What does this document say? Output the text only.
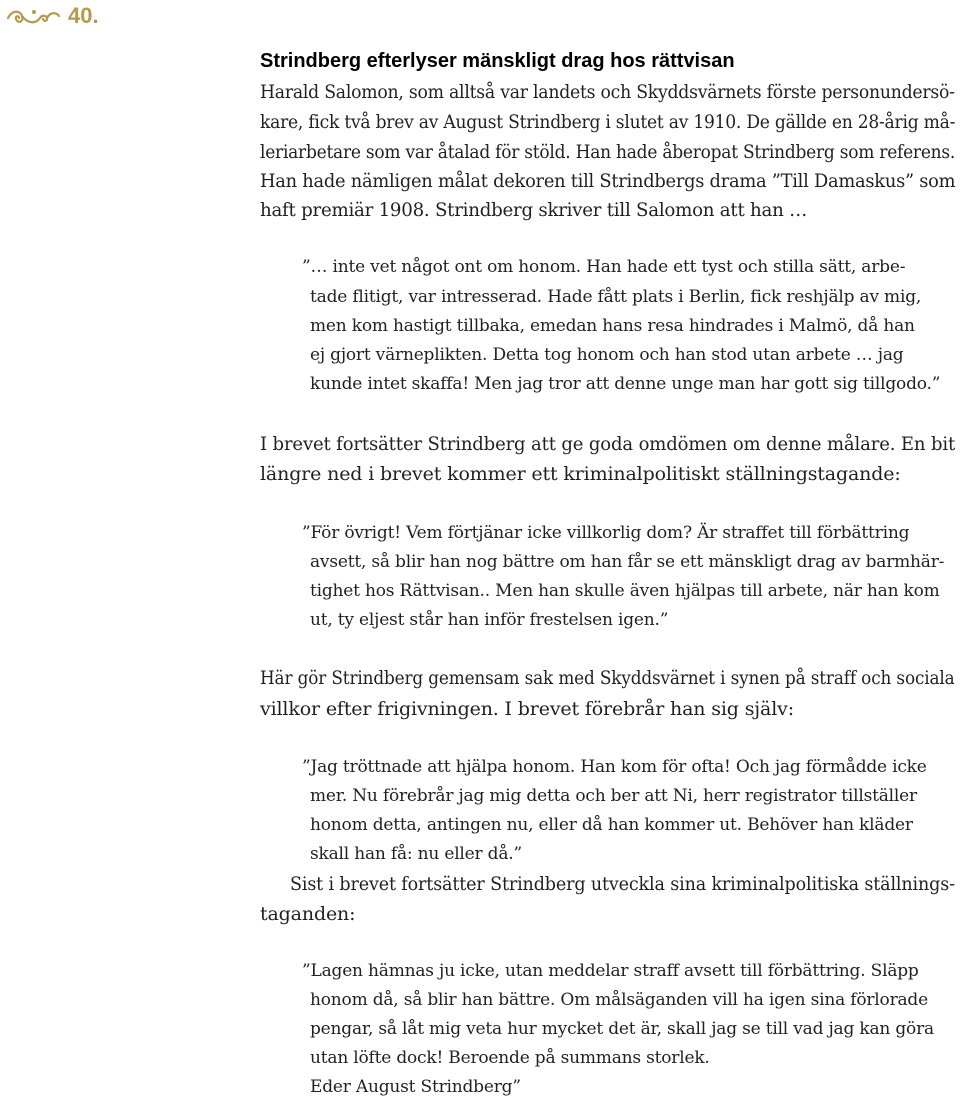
40.
Strindberg efterlyser mänskligt drag hos rättvisan
Harald Salomon, som alltså var landets och Skyddsvärnets förste personundersö-
kare, fick två brev av August Strindberg i slutet av 1910. De gällde en 28-årig må-
leriarbetare som var åtalad för stöld. Han hade åberopat Strindberg som referens.
Han hade nämligen målat dekoren till Strindbergs drama ”Till Damaskus” som
haft premiär 1908. Strindberg skriver till Salomon att han …
”… inte vet något ont om honom. Han hade ett tyst och stilla sätt, arbe-
tade flitigt, var intresserad. Hade fått plats i Berlin, fick reshjälp av mig,
men kom hastigt tillbaka, emedan hans resa hindrades i Malmö, då han
ej gjort värneplikten. Detta tog honom och han stod utan arbete … jag
kunde intet skaffa! Men jag tror att denne unge man har gott sig tillgodo.”
I brevet fortsätter Strindberg att ge goda omdömen om denne målare. En bit
längre ned i brevet kommer ett kriminalpolitiskt ställningstagande:
”För övrigt! Vem förtjänar icke villkorlig dom? Är straffet till förbättring
avsett, så blir han nog bättre om han får se ett mänskligt drag av barmhär-
tighet hos Rättvisan.. Men han skulle även hjälpas till arbete, när han kom
ut, ty eljest står han inför frestelsen igen.”
Här gör Strindberg gemensam sak med Skyddsvärnet i synen på straff och sociala
villkor efter frigivningen. I brevet förebrår han sig själv:
”Jag tröttnade att hjälpa honom. Han kom för ofta! Och jag förmådde icke
mer. Nu förebrår jag mig detta och ber att Ni, herr registrator tillställer
honom detta, antingen nu, eller då han kommer ut. Behöver han kläder
skall han få: nu eller då.”
Sist i brevet fortsätter Strindberg utveckla sina kriminalpolitiska ställnings-
taganden:
”Lagen hämnas ju icke, utan meddelar straff avsett till förbättring. Släpp
honom då, så blir han bättre. Om målsäganden vill ha igen sina förlorade
pengar, så låt mig veta hur mycket det är, skall jag se till vad jag kan göra
utan löfte dock! Beroende på summans storlek.
Eder August Strindberg”
